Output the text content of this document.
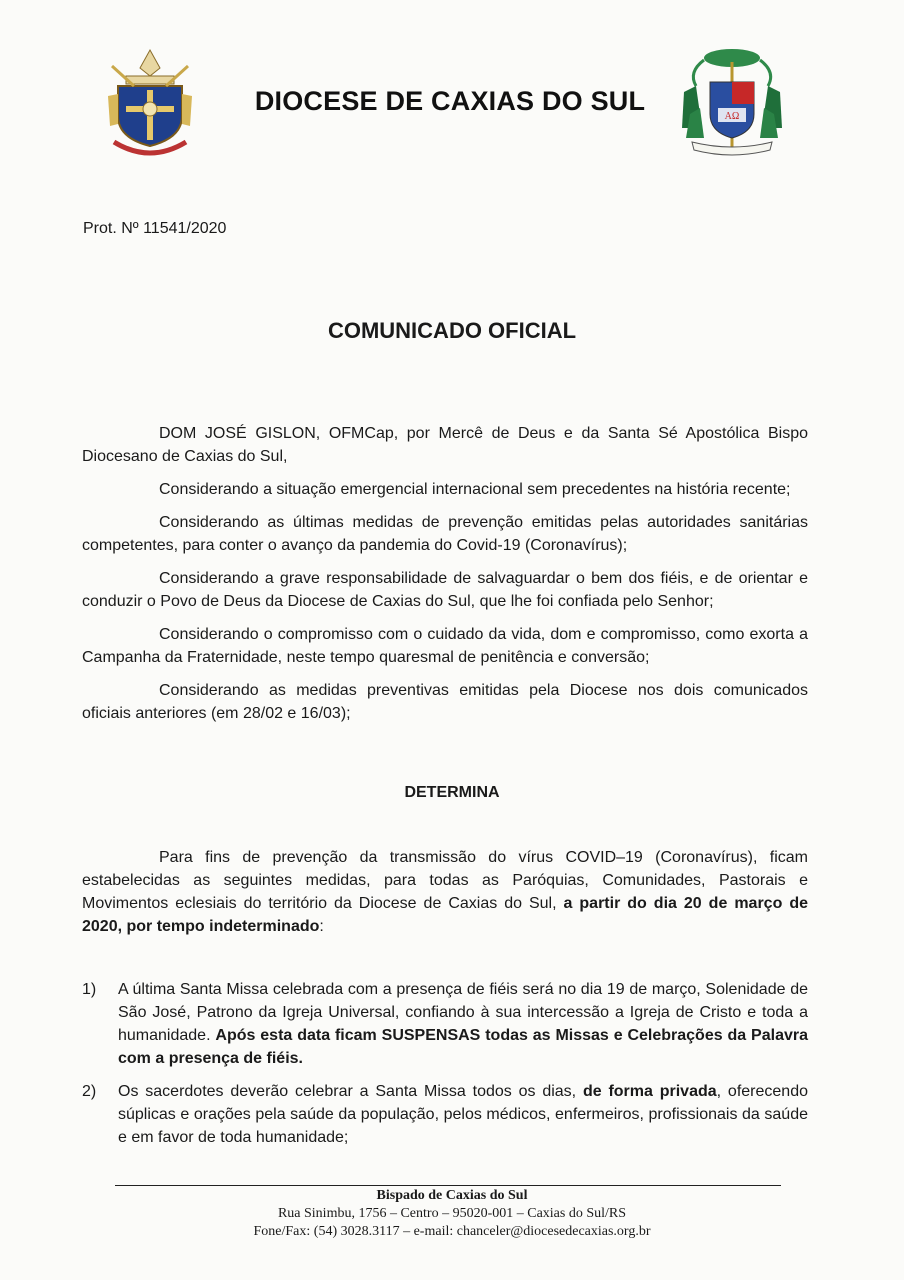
DIOCESE DE CAXIAS DO SUL
AΩ
Prot. Nº 11541/2020
COMUNICADO OFICIAL

DOM JOSÉ GISLON, OFMCap, por Mercê de Deus e da Santa Sé Apostólica Bispo Diocesano de Caxias do Sul,

Considerando a situação emergencial internacional sem precedentes na história recente;

Considerando as últimas medidas de prevenção emitidas pelas autoridades sanitárias competentes, para conter o avanço da pandemia do Covid-19 (Coronavírus);

Considerando a grave responsabilidade de salvaguardar o bem dos fiéis, e de orientar e conduzir o Povo de Deus da Diocese de Caxias do Sul, que lhe foi confiada pelo Senhor;

Considerando o compromisso com o cuidado da vida, dom e compromisso, como exorta a Campanha da Fraternidade, neste tempo quaresmal de penitência e conversão;

Considerando as medidas preventivas emitidas pela Diocese nos dois comunicados oficiais anteriores (em 28/02 e 16/03);

DETERMINA

Para fins de prevenção da transmissão do vírus COVID–19 (Coronavírus), ficam estabelecidas as seguintes medidas, para todas as Paróquias, Comunidades, Pastorais e Movimentos eclesiais do território da Diocese de Caxias do Sul, a partir do dia 20 de março de 2020, por tempo indeterminado:

1)	A última Santa Missa celebrada com a presença de fiéis será no dia 19 de março, Solenidade de São José, Patrono da Igreja Universal, confiando à sua intercessão a Igreja de Cristo e toda a humanidade. Após esta data ficam SUSPENSAS todas as Missas e Celebrações da Palavra com a presença de fiéis.
2)	Os sacerdotes deverão celebrar a Santa Missa todos os dias, de forma privada, oferecendo súplicas e orações pela saúde da população, pelos médicos, enfermeiros, profissionais da saúde e em favor de toda humanidade;
Bispado de Caxias do Sul
Rua Sinimbu, 1756 – Centro – 95020-001 – Caxias do Sul/RS
Fone/Fax: (54) 3028.3117 – e-mail: chanceler@diocesedecaxias.org.br
